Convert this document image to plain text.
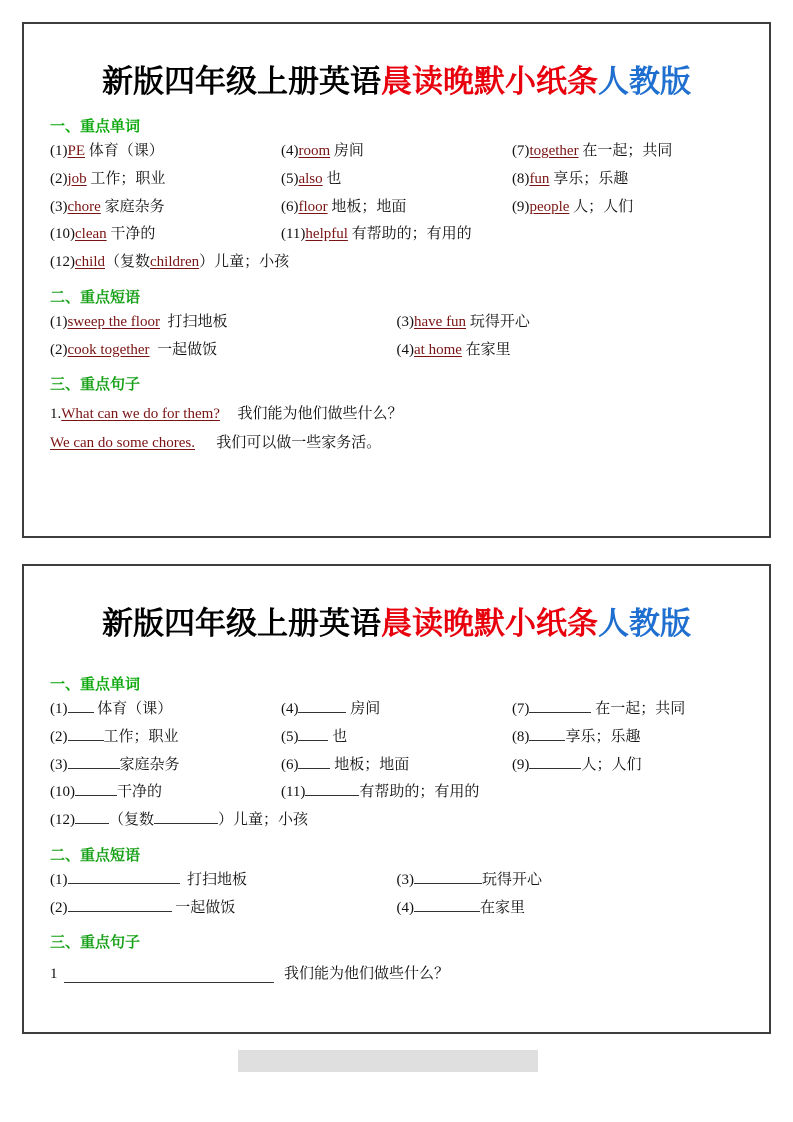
新版四年级上册英语晨读晚默小纸条人教版
一、重点单词
(1)PE 体育（课）	(4)room 房间	(7)together 在一起；共同
(2)job 工作；职业	(5)also 也	(8)fun 享乐；乐趣
(3)chore 家庭杂务	(6)floor 地板；地面	(9)people 人；人们
(10)clean 干净的	(11)helpful 有帮助的；有用的
(12)child（复数children）儿童；小孩
二、重点短语
(1)sweep the floor 打扫地板	(3)have fun 玩得开心
(2)cook together 一起做饭	(4)at home 在家里
三、重点句子
1.What can we do for them? 我们能为他们做些什么？
We can do some chores. 我们可以做一些家务活。
新版四年级上册英语晨读晚默小纸条人教版
一、重点单词
(1) 体育（课）	(4)	房间	(7)	在一起；共同
(2) 工作；职业	(5) 也	(8) 享乐；乐趣
(3)	家庭杂务	(6) 地板；地面	(9)	人；人们
(10)	干净的	(11)	有帮助的；有用的
(12) （复数	）儿童；小孩
二、重点短语
(1)	打扫地板	(3)	玩得开心
(2)	一起做饭	(4)	在家里
三、重点句子
1	我们能为他们做些什么？
